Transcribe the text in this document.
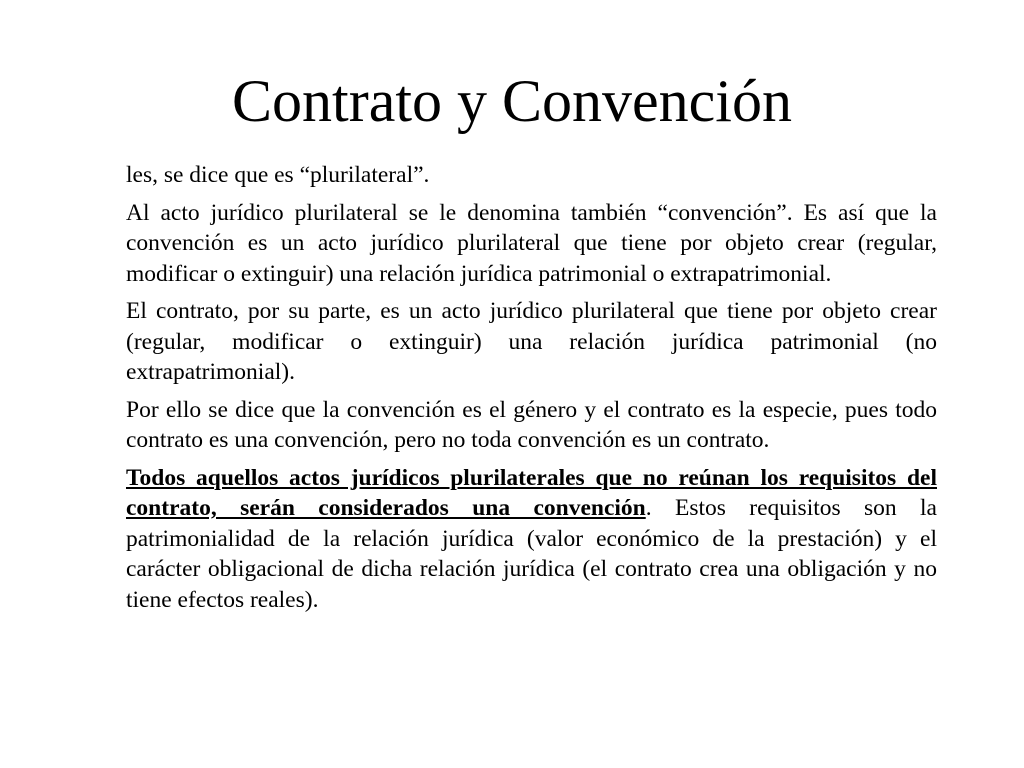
Contrato y Convención

les, se dice que es “plurilateral”.

Al acto jurídico plurilateral se le denomina también “convención”. Es así que la convención es un acto jurídico plurilateral que tiene por objeto crear (regular, modificar o extinguir) una relación jurídica patrimonial o extrapatrimonial.

El contrato, por su parte, es un acto jurídico plurilateral que tiene por objeto crear (regular, modificar o extinguir) una relación jurídica patrimonial (no extrapatrimonial).

Por ello se dice que la convención es el género y el contrato es la especie, pues todo contrato es una convención, pero no toda convención es un contrato.

Todos aquellos actos jurídicos plurilaterales que no reúnan los requisitos del contrato, serán considerados una convención. Estos requisitos son la patrimonialidad de la relación jurídica (valor económico de la prestación) y el carácter obligacional de dicha relación jurídica (el contrato crea una obligación y no tiene efectos reales).
